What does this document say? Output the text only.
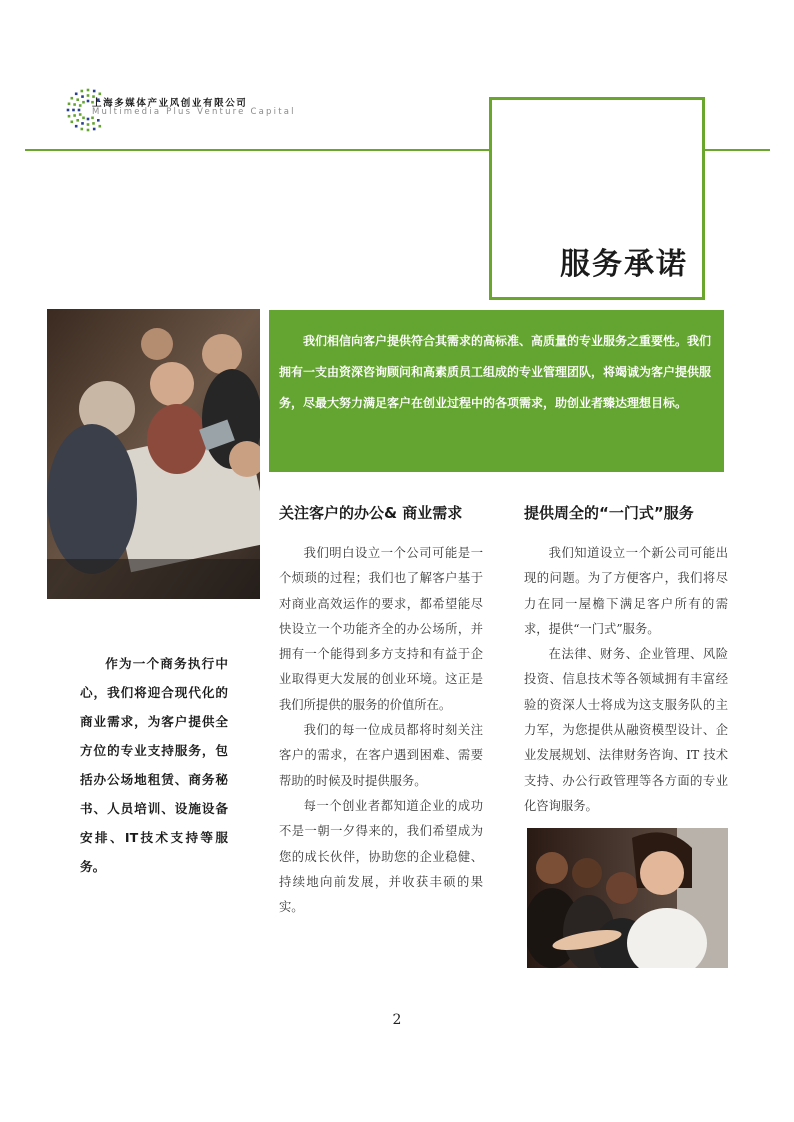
上海多媒体产业风创业有限公司
Multimedia Plus Venture Capital
服务承诺

我们相信向客户提供符合其需求的高标准、高质量的专业服务之重要性。我们拥有一支由资深咨询顾问和高素质员工组成的专业管理团队，将竭诚为客户提供服务，尽最大努力满足客户在创业过程中的各项需求，助创业者臻达理想目标。

关注客户的办公& 商业需求

我们明白设立一个公司可能是一个烦琐的过程；我们也了解客户基于对商业高效运作的要求，都希望能尽快设立一个功能齐全的办公场所，并拥有一个能得到多方支持和有益于企业取得更大发展的创业环境。这正是我们所提供的服务的价值所在。

我们的每一位成员都将时刻关注客户的需求，在客户遇到困难、需要帮助的时候及时提供服务。

每一个创业者都知道企业的成功不是一朝一夕得来的，我们希望成为您的成长伙伴，协助您的企业稳健、持续地向前发展，并收获丰硕的果实。

提供周全的“一门式”服务

我们知道设立一个新公司可能出现的问题。为了方便客户，我们将尽力在同一屋檐下满足客户所有的需求，提供“一门式”服务。

在法律、财务、企业管理、风险投资、信息技术等各领域拥有丰富经验的资深人士将成为这支服务队的主力军，为您提供从融资模型设计、企业发展规划、法律财务咨询、IT 技术支持、办公行政管理等各方面的专业化咨询服务。

作为一个商务执行中心，我们将迎合现代化的商业需求，为客户提供全方位的专业支持服务，包括办公场地租赁、商务秘书、人员培训、设施设备安排、IT技术支持等服务。

2
